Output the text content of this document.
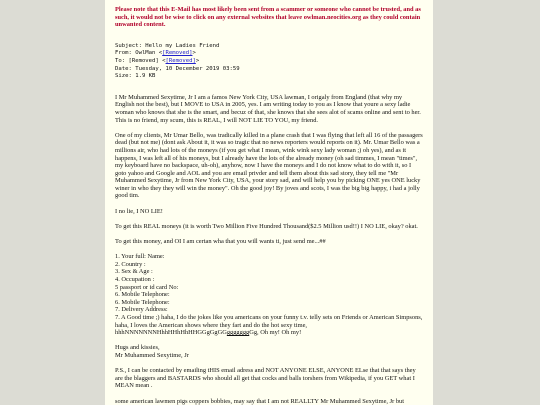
Please note that this E-Mail has most likely been sent from a scammer or someone who cannot be trusted, and as such, it would not be wise to click on any external websites that leave owlman.neocities.org as they could contain unwanted content.

Subject: Hello my Ladies Friend
From: OwlMan <[Removed]>
To: [Removed] <[Removed]>
Date: Tuesday, 10 December 2019 03:59
Size: 1.9 KB

I Mr Muhammed Sexytime, Jr I am a famos New York City, USA lawman, I origaly from England (that why my English not the best), but I MOVE to USA in 2005, yes. I am writing today to you as I know that youre a sexy ladie woman who knows that she is the smart, and becuz of that, she knows that she sees alot of scams online and sent to her. This is no friend, my scum, this is REAL, I will NOT LIE TO YOU, my friend.

One of my clients, Mr Umar Bello, was tradically killed in a plane crash that I was flying that left all 16 of the passagers dead (but not me) (dont ask About it, it was so tragic that no news reporters would reports on it). Mr. Umar Bello was a millions air, who had lots of the moneys (if you get what I mean, wink wink sexy lady woman ;) oh yes), and as it happens, I was left all of his moneys, but I already have the lots of the already money (oh sad timmes, I mean "times", my keyboard have no backspace, uh-oh), anyhow, now I have the moneys and I do not know what to do with it, so I goto yahoo and Google and AOL and you are email privder and tell them about this sad story, they tell me "Mr Muhammed Sexytime, Jr from New York City, USA, your story sad, and will help you by picking ONE yes ONE lucky winer in who they they will win the money". Oh the good joy! By joves and scots, I was the big big happy, i had a jolly good tim.

I no lie, I NO LIE!

To get this REAL moneys (it is worth Two Million Five Hundred Thousand($2.5 Million usd!!) I NO LIE, okay? okat.

To get this money, and OI I am certan wha that you will wants ti, just send me...##

1. Your full: Name:
2. Country :
3. Sex & Age :
4. Occupation :
5 passport or id card No:
6. Mobile Telephone:
6. Mobile Telephone:
7. Delivery Address:
7. A Good time ;) haha, I do the jokes like you americans on your funny t.v. telly sets on Friends or American Simpsons, haha, I loves the American shows where they fart and do the hot sexy time,
hhhNNNNNNNHhhHHhHhHHGGgGgGGgggggggGg, Oh my! Oh my!

Hugs and kissies,
Mr Muhammed Sexytime, Jr

P.S., I can be contacted by emailing tHIS email adress and NOT ANYONE ELSE, ANYONE ELse that that says they are the blaggers and BASTARDS who should all get that cocks and balls torshers from Wikipedia, if you GET what I MEAN mean .

some american lawmen pigs coppers bobbies, may say that I am not REALLTY Mr Muhammed Sexytime, Jr but
